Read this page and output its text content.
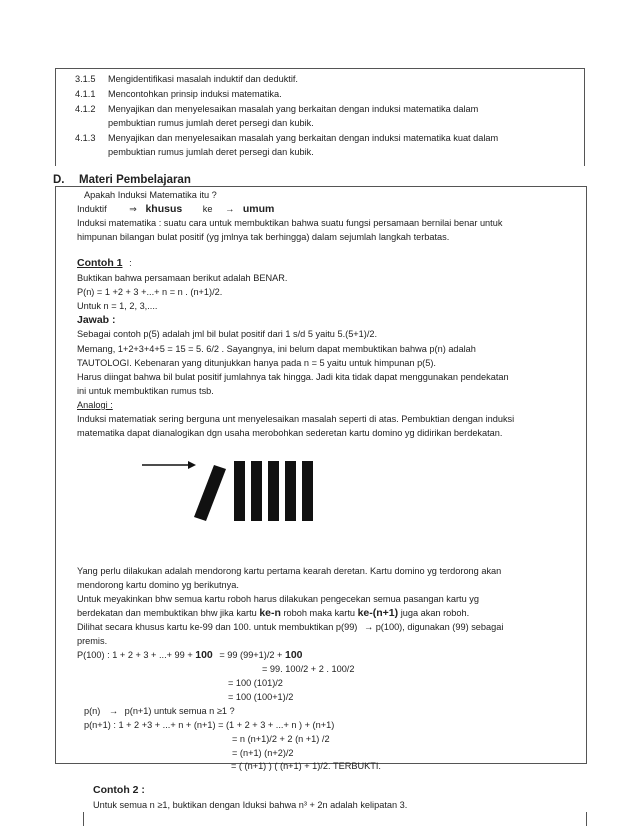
3.1.5 Mengidentifikasi masalah induktif dan deduktif.
4.1.1 Mencontohkan prinsip induksi matematika.
4.1.2 Menyajikan dan menyelesaikan masalah yang berkaitan dengan induksi matematika dalam
pembuktian rumus jumlah deret persegi dan kubik.
4.1.3 Menyajikan dan menyelesaikan masalah yang berkaitan dengan induksi matematika kuat dalam
pembuktian rumus jumlah deret persegi dan kubik.
D. Materi Pembelajaran
Apakah Induksi Matematika itu ?
Induktif ⇒ khusus ke → umum
Induksi matematika : suatu cara untuk membuktikan bahwa suatu fungsi persamaan bernilai benar untuk
himpunan bilangan bulat positif (yg jmlnya tak berhingga) dalam sejumlah langkah terbatas.
Contoh 1 :
Buktikan bahwa persamaan berikut adalah BENAR.
P(n) = 1 +2 + 3 +...+ n = n . (n+1)/2.
Untuk n = 1, 2, 3,....
Jawab :
Sebagai contoh p(5) adalah jml bil bulat positif dari 1 s/d 5 yaitu 5.(5+1)/2.
Memang, 1+2+3+4+5 = 15 = 5. 6/2 . Sayangnya, ini belum dapat membuktikan bahwa p(n) adalah
TAUTOLOGI. Kebenaran yang ditunjukkan hanya pada n = 5 yaitu untuk himpunan p(5).
Harus diingat bahwa bil bulat positif jumlahnya tak hingga. Jadi kita tidak dapat menggunakan pendekatan
ini untuk membuktikan rumus tsb.
Analogi :
Induksi matematiak sering berguna unt menyelesaikan masalah seperti di atas. Pembuktian dengan induksi
matematika dapat dianalogikan dgn usaha merobohkan sederetan kartu domino yg didirikan berdekatan.
Yang perlu dilakukan adalah mendorong kartu pertama kearah deretan. Kartu domino yg terdorong akan
mendorong kartu domino yg berikutnya.
Untuk meyakinkan bhw semua kartu roboh harus dilakukan pengecekan semua pasangan kartu yg
berdekatan dan membuktikan bhw jika kartu ke-n roboh maka kartu ke-(n+1) juga akan roboh.
Dilihat secara khusus kartu ke-99 dan 100. untuk membuktikan p(99) → p(100), digunakan (99) sebagai
premis.
P(100) : 1 + 2 + 3 + ...+ 99 + 100 = 99 (99+1)/2 + 100
= 99. 100/2 + 2 . 100/2
= 100 (101)/2
= 100 (100+1)/2
p(n) → p(n+1) untuk semua n ≥1 ?
p(n+1) : 1 + 2 +3 + ...+ n + (n+1) = (1 + 2 + 3 + ...+ n ) + (n+1)
= n (n+1)/2 + 2 (n +1) /2
= (n+1) (n+2)/2
= ( (n+1) ) ( (n+1) + 1)/2. TERBUKTI.
Contoh 2 :
Untuk semua n ≥1, buktikan dengan Iduksi bahwa n³ + 2n adalah kelipatan 3.
